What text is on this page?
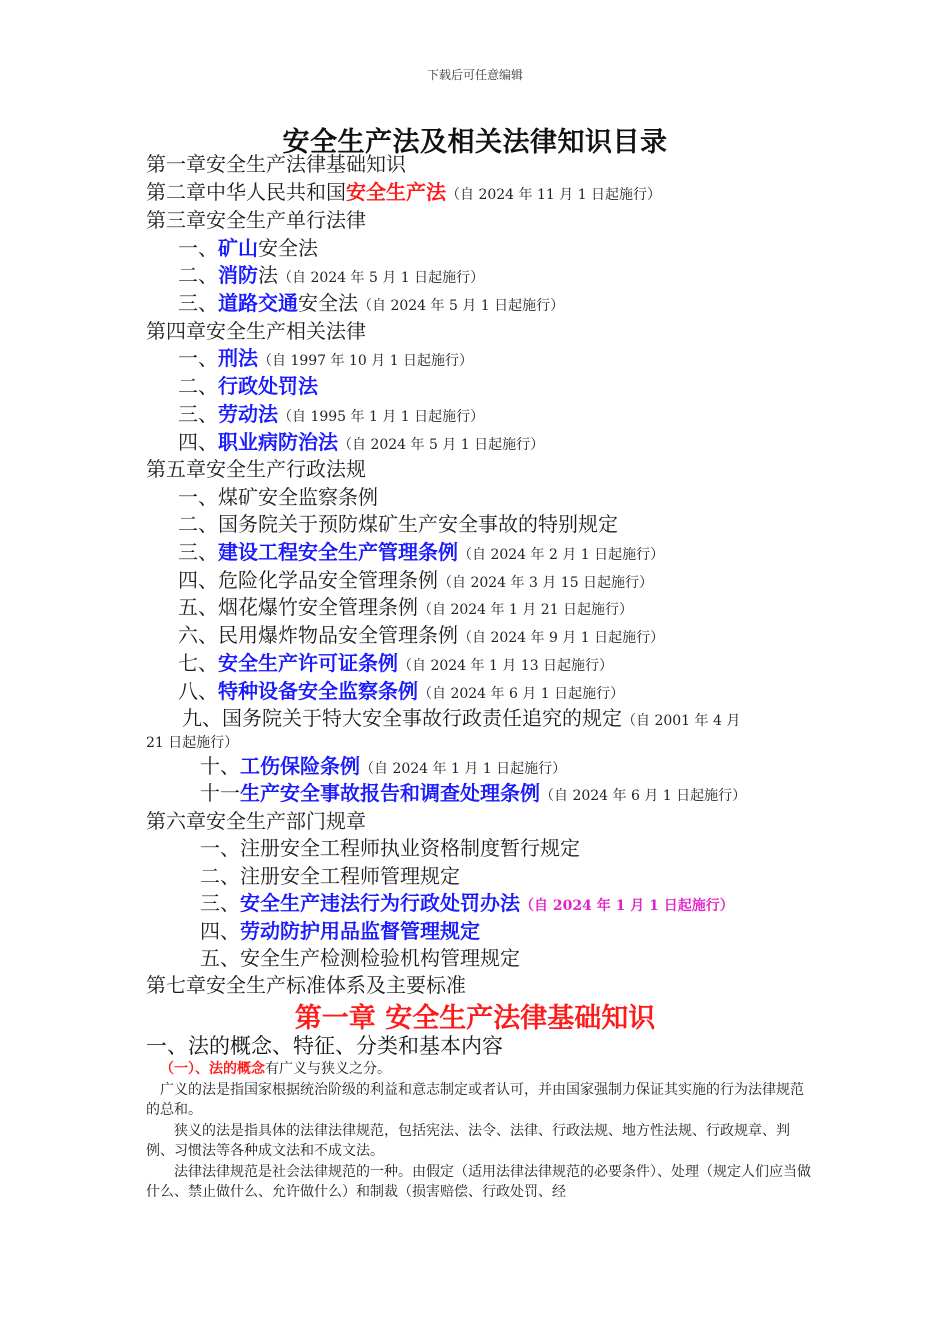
下载后可任意编辑
安全生产法及相关法律知识目录
第一章安全生产法律基础知识
第二章中华人民共和国安全生产法（自 2024 年 11 月 1 日起施行）
第三章安全生产单行法律
一、矿山安全法
二、消防法（自 2024 年 5 月 1 日起施行）
三、道路交通安全法（自 2024 年 5 月 1 日起施行）
第四章安全生产相关法律
一、刑法（自 1997 年 10 月 1 日起施行）
二、行政处罚法
三、劳动法（自 1995 年 1 月 1 日起施行）
四、职业病防治法（自 2024 年 5 月 1 日起施行）
第五章安全生产行政法规
一、煤矿安全监察条例
二、国务院关于预防煤矿生产安全事故的特别规定
三、建设工程安全生产管理条例（自 2024 年 2 月 1 日起施行）
四、危险化学品安全管理条例（自 2024 年 3 月 15 日起施行）
五、烟花爆竹安全管理条例（自 2024 年 1 月 21 日起施行）
六、民用爆炸物品安全管理条例（自 2024 年 9 月 1 日起施行）
七、安全生产许可证条例（自 2024 年 1 月 13 日起施行）
八、特种设备安全监察条例（自 2024 年 6 月 1 日起施行）
九、国务院关于特大安全事故行政责任追究的规定（自 2001 年 4 月
21 日起施行）
十、工伤保险条例（自 2024 年 1 月 1 日起施行）
十一生产安全事故报告和调查处理条例（自 2024 年 6 月 1 日起施行）
第六章安全生产部门规章
一、注册安全工程师执业资格制度暂行规定
二、注册安全工程师管理规定
三、安全生产违法行为行政处罚办法（自 2024 年 1 月 1 日起施行）
四、劳动防护用品监督管理规定
五、安全生产检测检验机构管理规定
第七章安全生产标准体系及主要标准
第一章 安全生产法律基础知识
一、法的概念、特征、分类和基本内容
（一）、法的概念有广义与狭义之分。
广义的法是指国家根据统治阶级的利益和意志制定或者认可，并由国家强制力保证其实施的行为法律规范的总和。
狭义的法是指具体的法律法律规范，包括宪法、法令、法律、行政法规、地方性法规、行政规章、判例、习惯法等各种成文法和不成文法。
法律法律规范是社会法律规范的一种。由假定（适用法律法律规范的必要条件）、处理（规定人们应当做什么、禁止做什么、允许做什么）和制裁（损害赔偿、行政处罚、经
